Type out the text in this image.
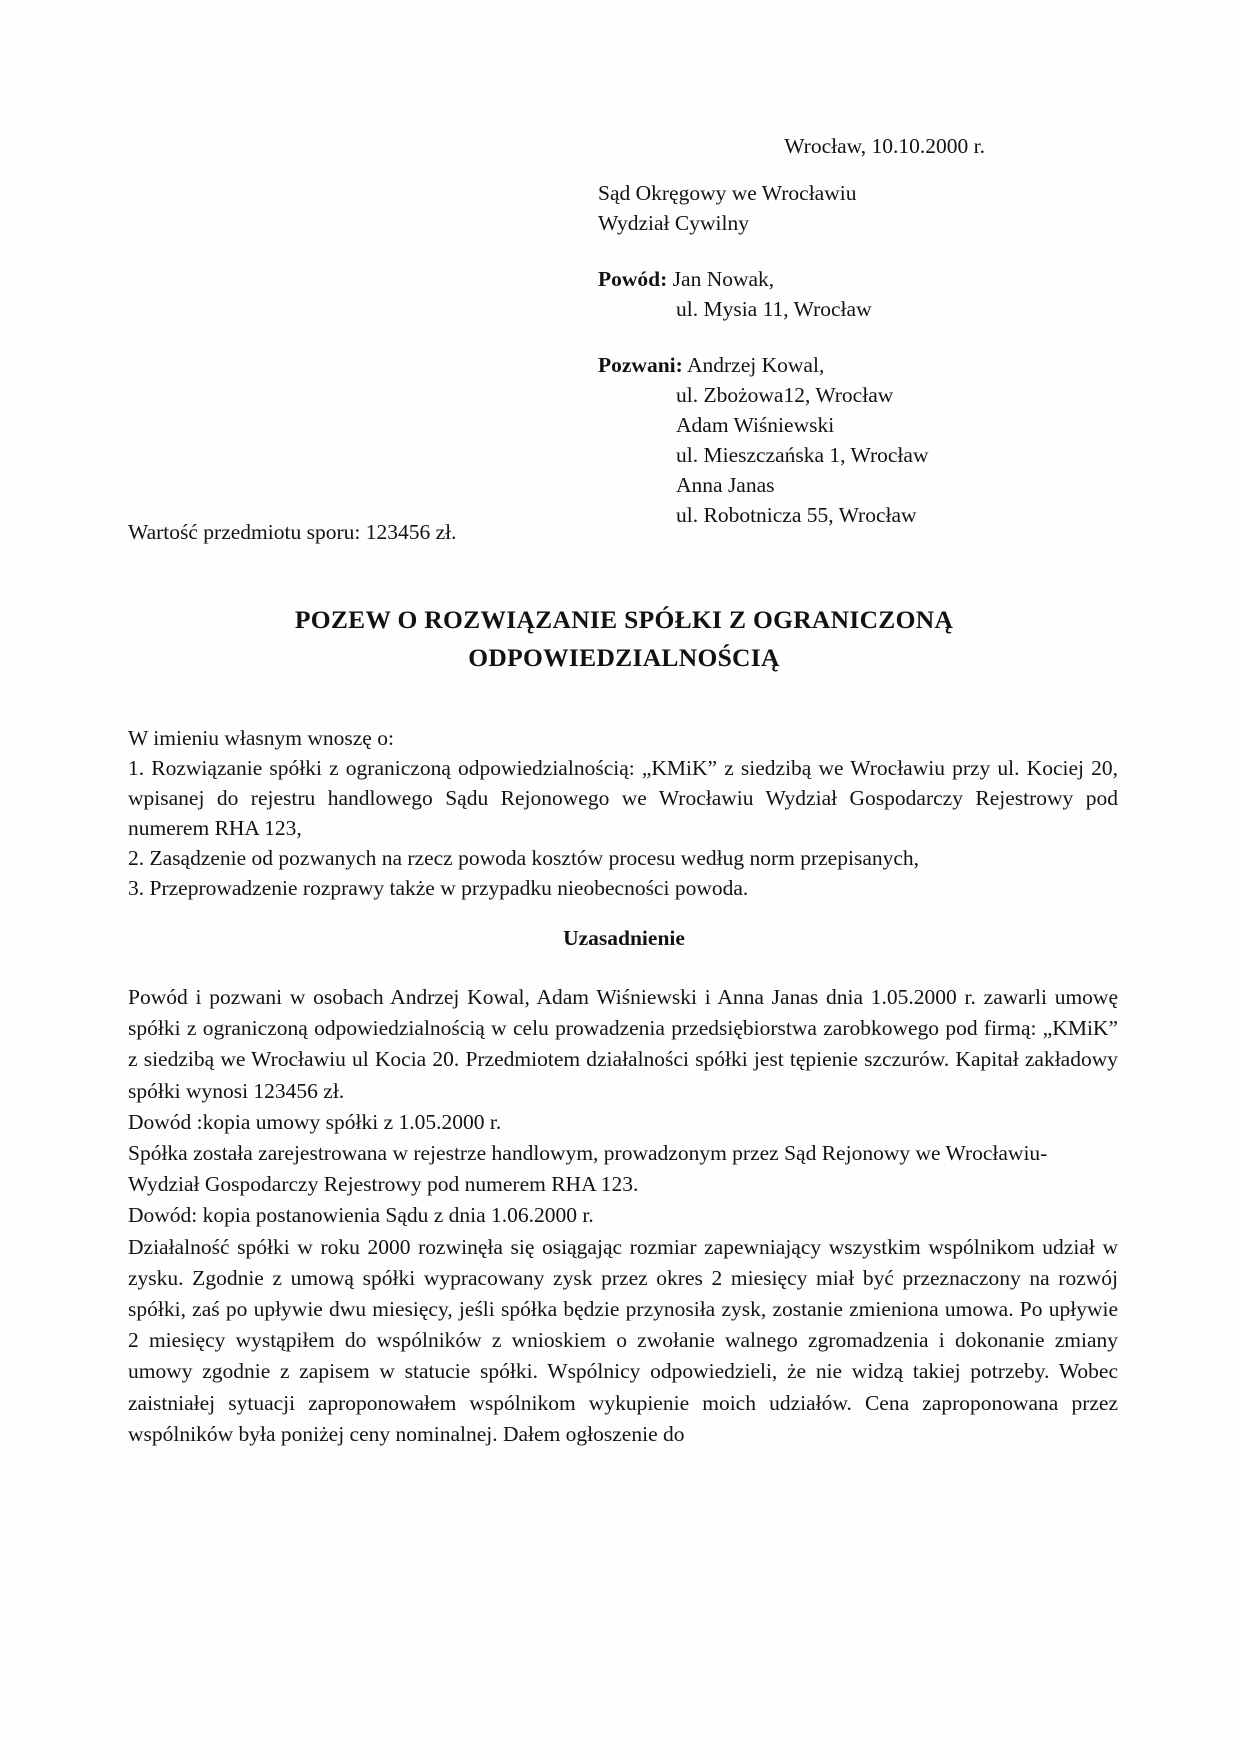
Wrocław, 10.10.2000 r.
Sąd Okręgowy we Wrocławiu
Wydział Cywilny
Powód: Jan Nowak,
ul. Mysia 11, Wrocław
Pozwani: Andrzej Kowal,
ul. Zbożowa12, Wrocław
Adam Wiśniewski
ul. Mieszczańska 1, Wrocław
Anna Janas
ul. Robotnicza 55, Wrocław
Wartość przedmiotu sporu: 123456 zł.
POZEW O ROZWIĄZANIE SPÓŁKI Z OGRANICZONĄ
ODPOWIEDZIALNOŚCIĄ
W imieniu własnym wnoszę o:
1. Rozwiązanie spółki z ograniczoną odpowiedzialnością: „KMiK” z siedzibą we Wrocławiu przy ul. Kociej 20, wpisanej do rejestru handlowego Sądu Rejonowego we Wrocławiu Wydział Gospodarczy Rejestrowy pod numerem RHA 123,
2. Zasądzenie od pozwanych na rzecz powoda kosztów procesu według norm przepisanych,
3. Przeprowadzenie rozprawy także w przypadku nieobecności powoda.
Uzasadnienie

Powód i pozwani w osobach Andrzej Kowal, Adam Wiśniewski i Anna Janas dnia 1.05.2000 r. zawarli umowę spółki z ograniczoną odpowiedzialnością w celu prowadzenia przedsiębiorstwa zarobkowego pod firmą: „KMiK” z siedzibą we Wrocławiu ul Kocia 20. Przedmiotem działalności spółki jest tępienie szczurów. Kapitał zakładowy spółki wynosi 123456 zł.

Dowód :kopia umowy spółki z 1.05.2000 r.

Spółka została zarejestrowana w rejestrze handlowym, prowadzonym przez Sąd Rejonowy we Wrocławiu- Wydział Gospodarczy Rejestrowy pod numerem RHA 123.

Dowód: kopia postanowienia Sądu z dnia 1.06.2000 r.

Działalność spółki w roku 2000 rozwinęła się osiągając rozmiar zapewniający wszystkim wspólnikom udział w zysku. Zgodnie z umową spółki wypracowany zysk przez okres 2 miesięcy miał być przeznaczony na rozwój spółki, zaś po upływie dwu miesięcy, jeśli spółka będzie przynosiła zysk, zostanie zmieniona umowa. Po upływie 2 miesięcy wystąpiłem do wspólników z wnioskiem o zwołanie walnego zgromadzenia i dokonanie zmiany umowy zgodnie z zapisem w statucie spółki. Wspólnicy odpowiedzieli, że nie widzą takiej potrzeby. Wobec zaistniałej sytuacji zaproponowałem wspólnikom wykupienie moich udziałów. Cena zaproponowana przez wspólników była poniżej ceny nominalnej. Dałem ogłoszenie do
